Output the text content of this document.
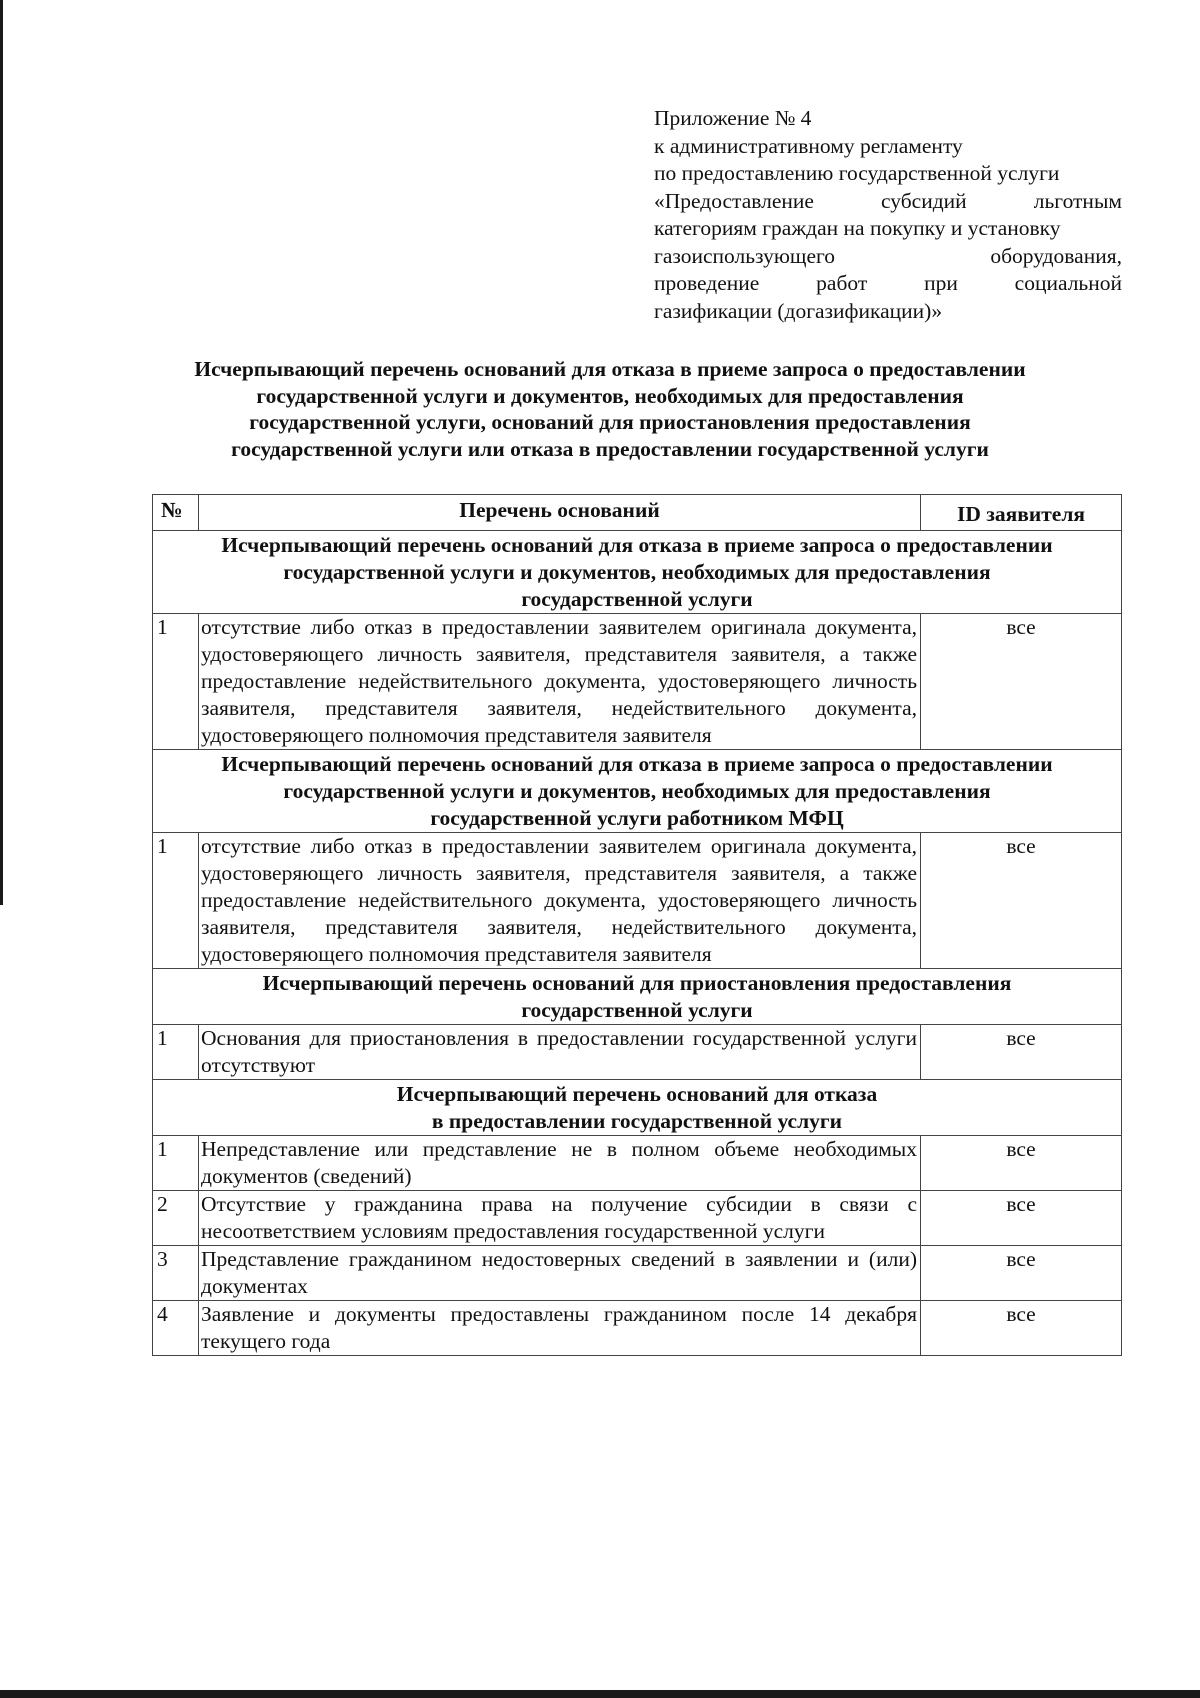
Приложение № 4
к административному регламенту
по предоставлению государственной услуги
«Предоставление субсидий льготным
категориям граждан на покупку и установку
газоиспользующего оборудования,
проведение работ при социальной
газификации (догазификации)»
Исчерпывающий перечень оснований для отказа в приеме запроса о предоставлении
государственной услуги и документов, необходимых для предоставления
государственной услуги, оснований для приостановления предоставления
государственной услуги или отказа в предоставлении государственной услуги
№	Перечень оснований	ID заявителя

Исчерпывающий перечень оснований для отказа в приеме запроса о предоставлении
государственной услуги и документов, необходимых для предоставления
государственной услуги		

1	отсутствие либо отказ в предоставлении заявителем оригинала документа, удостоверяющего личность заявителя, представителя заявителя, а также предоставление недействительного документа, удостоверяющего личность заявителя, представителя заявителя, недействительного документа, удостоверяющего полномочия представителя заявителя	все

Исчерпывающий перечень оснований для отказа в приеме запроса о предоставлении
государственной услуги и документов, необходимых для предоставления
государственной услуги работником МФЦ		

1	отсутствие либо отказ в предоставлении заявителем оригинала документа, удостоверяющего личность заявителя, представителя заявителя, а также предоставление недействительного документа, удостоверяющего личность заявителя, представителя заявителя, недействительного документа, удостоверяющего полномочия представителя заявителя	все

Исчерпывающий перечень оснований для приостановления предоставления
государственной услуги		

1	Основания для приостановления в предоставлении государственной услуги отсутствуют	все

Исчерпывающий перечень оснований для отказа
в предоставлении государственной услуги		

1	Непредставление или представление не в полном объеме необходимых документов (сведений)	все
2	Отсутствие у гражданина права на получение субсидии в связи с несоответствием условиям предоставления государственной услуги	все
3	Представление гражданином недостоверных сведений в заявлении и (или) документах	все
4	Заявление и документы предоставлены гражданином после 14 декабря текущего года	все
